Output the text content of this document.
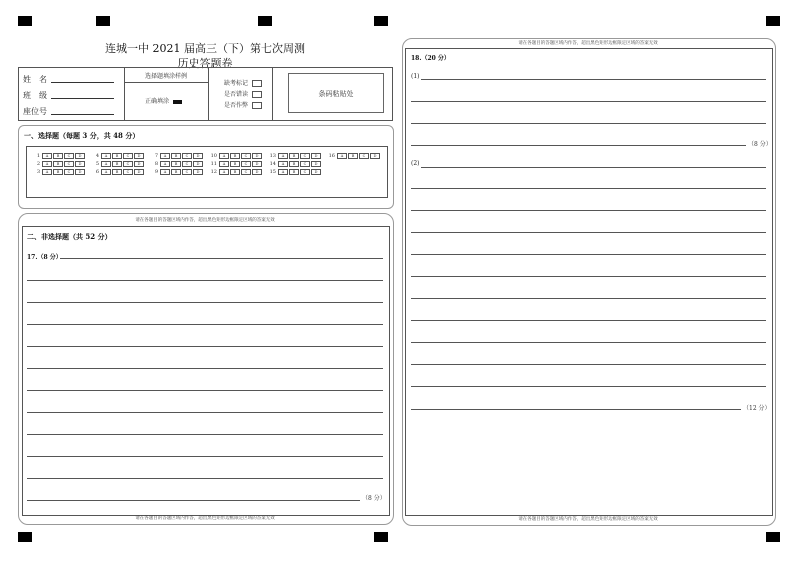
连城一中 2021 届高三（下）第七次周测
历史答题卷
姓　名
班　级
座位号
选择题填涂样例
正确填涂
缺考标记
是否错读
是否作弊
条码粘贴处
一、选择题（每题 3 分，共 48 分）
1 A B C D
2 A B C D
3 A B C D
4 A B C D
5 A B C D
6 A B C D
7 A B C D
8 A B C D
9 A B C D
10 A B C D
11 A B C D
12 A B C D
13 A B C D
14 A B C D
15 A B C D
16 A B C D
请在各题目的答题区域内作答，超出黑色矩形边框限定区域的答案无效
二、非选择题（共 52 分）
17.（8 分）
（8 分）
请在各题目的答题区域内作答，超出黑色矩形边框限定区域的答案无效
请在各题目的答题区域内作答，超出黑色矩形边框限定区域的答案无效
18.（20 分）
(1)
（8 分）
(2)
（12 分）
请在各题目的答题区域内作答，超出黑色矩形边框限定区域的答案无效
